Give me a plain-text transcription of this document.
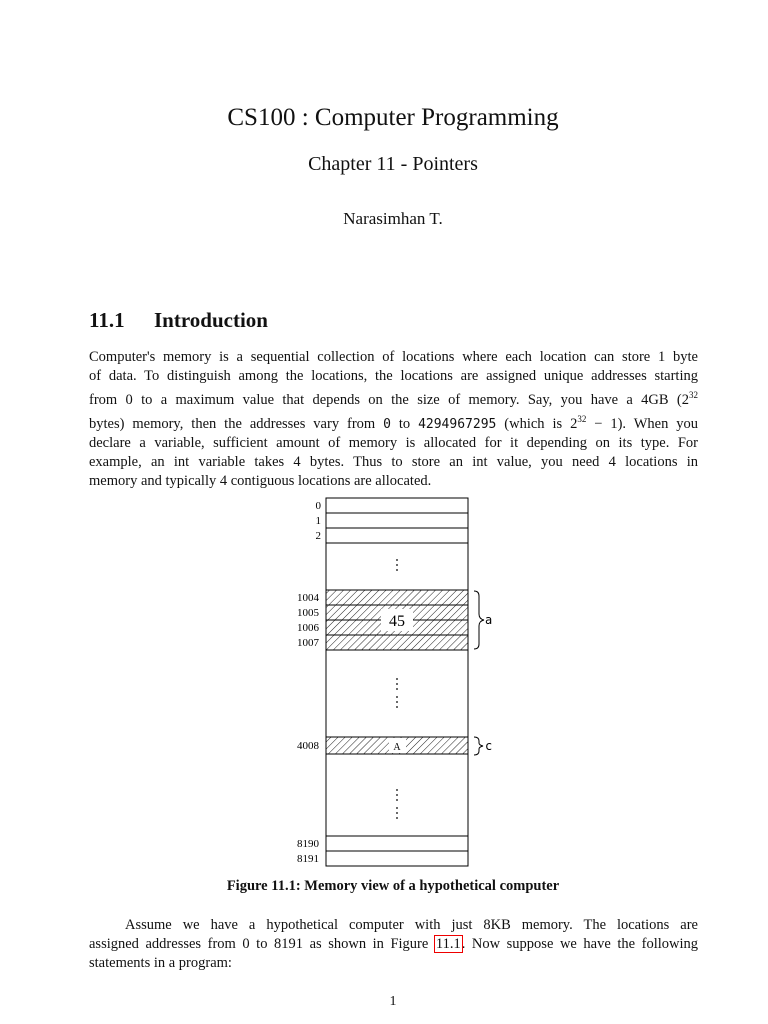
CS100 : Computer Programming
Chapter 11 - Pointers
Narasimhan T.
11.1 Introduction
Computer's memory is a sequential collection of locations where each location can store 1 byte
of data. To distinguish among the locations, the locations are assigned unique addresses starting
from 0 to a maximum value that depends on the size of memory. Say, you have a 4GB ($2^{32}$
bytes) memory, then the addresses vary from 0 to 4294967295 (which is $2^{32} - 1$). When you
declare a variable, sufficient amount of memory is allocated for it depending on its type. For
example, an int variable takes 4 bytes. Thus to store an int value, you need 4 locations in
memory and typically 4 contiguous locations are allocated.
45
A
0
1
2
1004
1005
1006
1007
4008
8190
8191
a
c
Figure 11.1: Memory view of a hypothetical computer
Assume we have a hypothetical computer with just 8KB memory. The locations are
assigned addresses from 0 to 8191 as shown in Figure 11.1. Now suppose we have the following
statements in a program:
1
